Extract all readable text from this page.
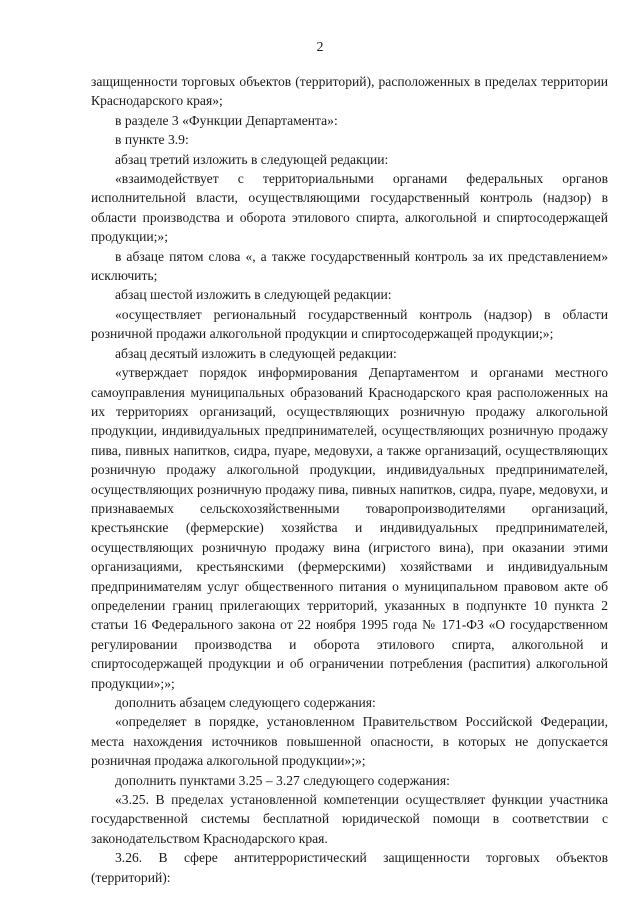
2

защищенности торговых объектов (территорий), расположенных в пределах территории Краснодарского края»;

в разделе 3 «Функции Департамента»:

в пункте 3.9:

абзац третий изложить в следующей редакции:

«взаимодействует с территориальными органами федеральных органов исполнительной власти, осуществляющими государственный контроль (надзор) в области производства и оборота этилового спирта, алкогольной и спиртосодержащей продукции;»;

в абзаце пятом слова «, а также государственный контроль за их представлением» исключить;

абзац шестой изложить в следующей редакции:

«осуществляет региональный государственный контроль (надзор) в области розничной продажи алкогольной продукции и спиртосодержащей продукции;»;

абзац десятый изложить в следующей редакции:

«утверждает порядок информирования Департаментом и органами местного самоуправления муниципальных образований Краснодарского края расположенных на их территориях организаций, осуществляющих розничную продажу алкогольной продукции, индивидуальных предпринимателей, осуществляющих розничную продажу пива, пивных напитков, сидра, пуаре, медовухи, а также организаций, осуществляющих розничную продажу алкогольной продукции, индивидуальных предпринимателей, осуществляющих розничную продажу пива, пивных напитков, сидра, пуаре, медовухи, и признаваемых сельскохозяйственными товаропроизводителями организаций, крестьянские (фермерские) хозяйства и индивидуальных предпринимателей, осуществляющих розничную продажу вина (игристого вина), при оказании этими организациями, крестьянскими (фермерскими) хозяйствами и индивидуальным предпринимателям услуг общественного питания о муниципальном правовом акте об определении границ прилегающих территорий, указанных в подпункте 10 пункта 2 статьи 16 Федерального закона от 22 ноября 1995 года № 171-ФЗ «О государственном регулировании производства и оборота этилового спирта, алкогольной и спиртосодержащей продукции и об ограничении потребления (распития) алкогольной продукции»;»;

дополнить абзацем следующего содержания:

«определяет в порядке, установленном Правительством Российской Федерации, места нахождения источников повышенной опасности, в которых не допускается розничная продажа алкогольной продукции»;»;

дополнить пунктами 3.25 – 3.27 следующего содержания:

«3.25. В пределах установленной компетенции осуществляет функции участника государственной системы бесплатной юридической помощи в соответствии с законодательством Краснодарского края.

3.26. В сфере антитеррористический защищенности торговых объектов (территорий):
